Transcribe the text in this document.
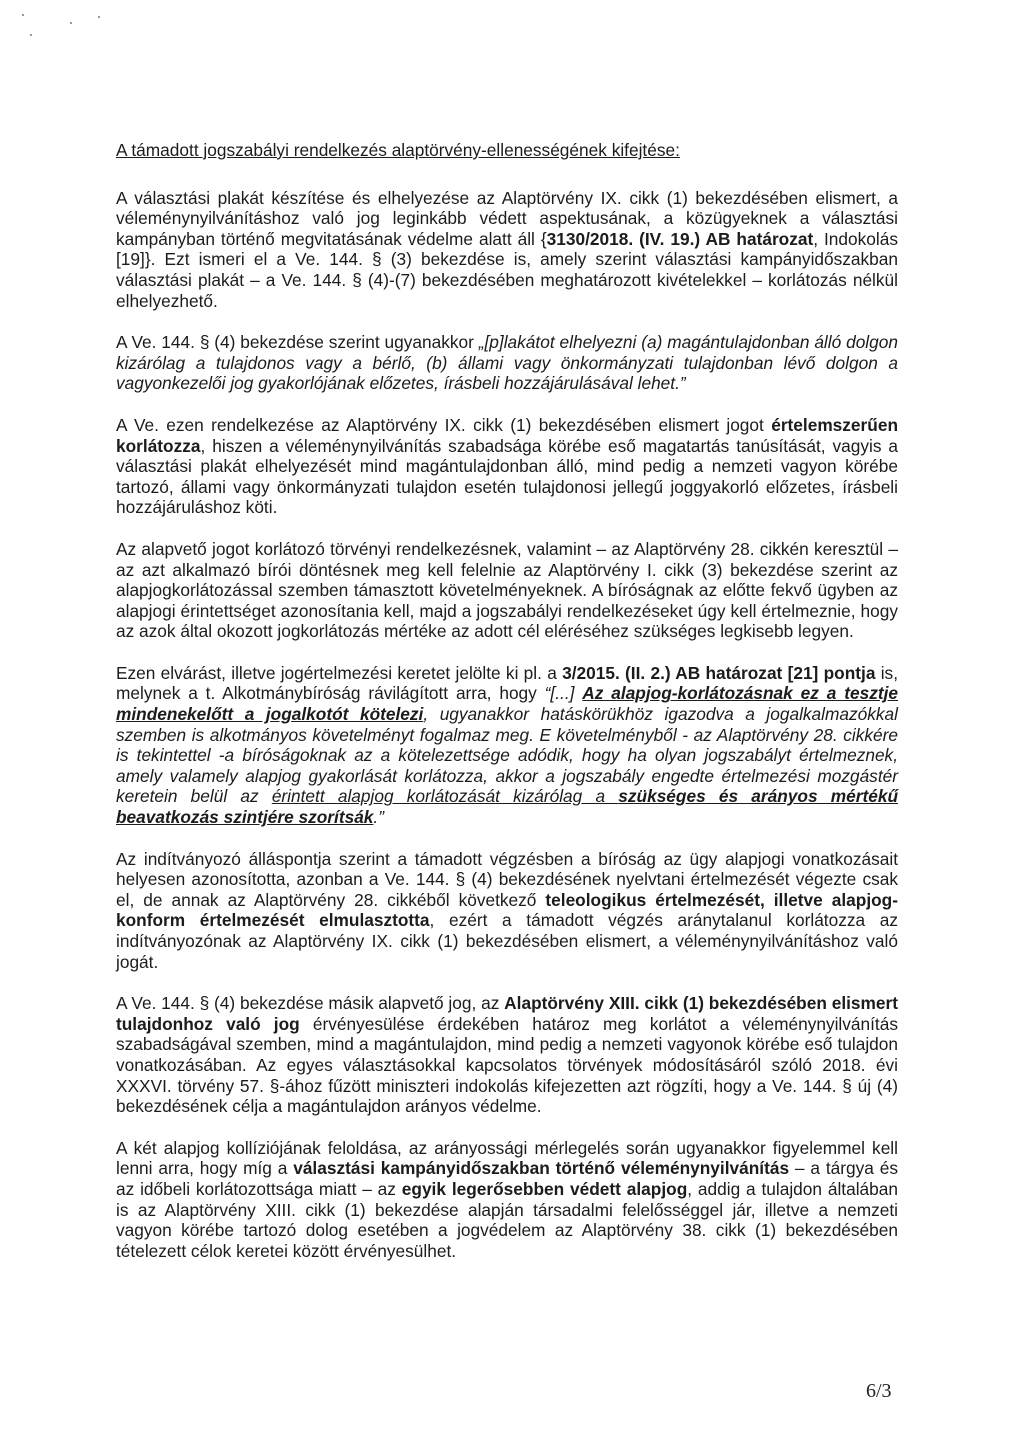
A támadott jogszabályi rendelkezés alaptörvény-ellenességének kifejtése:

A választási plakát készítése és elhelyezése az Alaptörvény IX. cikk (1) bekezdésében elismert, a véleménynyilvánításhoz való jog leginkább védett aspektusának, a közügyeknek a választási kampányban történő megvitatásának védelme alatt áll {3130/2018. (IV. 19.) AB határozat, Indokolás [19]}. Ezt ismeri el a Ve. 144. § (3) bekezdése is, amely szerint választási kampányidőszakban választási plakát – a Ve. 144. § (4)-(7) bekezdésében meghatározott kivételekkel – korlátozás nélkül elhelyezhető.

A Ve. 144. § (4) bekezdése szerint ugyanakkor „[p]lakátot elhelyezni (a) magántulajdonban álló dolgon kizárólag a tulajdonos vagy a bérlő, (b) állami vagy önkormányzati tulajdonban lévő dolgon a vagyonkezelői jog gyakorlójának előzetes, írásbeli hozzájárulásával lehet.”

A Ve. ezen rendelkezése az Alaptörvény IX. cikk (1) bekezdésében elismert jogot értelemszerűen korlátozza, hiszen a véleménynyilvánítás szabadsága körébe eső magatartás tanúsítását, vagyis a választási plakát elhelyezését mind magántulajdonban álló, mind pedig a nemzeti vagyon körébe tartozó, állami vagy önkormányzati tulajdon esetén tulajdonosi jellegű joggyakorló előzetes, írásbeli hozzájáruláshoz köti.

Az alapvető jogot korlátozó törvényi rendelkezésnek, valamint – az Alaptörvény 28. cikkén keresztül – az azt alkalmazó bírói döntésnek meg kell felelnie az Alaptörvény I. cikk (3) bekezdése szerint az alapjogkorlátozással szemben támasztott követelményeknek. A bíróságnak az előtte fekvő ügyben az alapjogi érintettséget azonosítania kell, majd a jogszabályi rendelkezéseket úgy kell értelmeznie, hogy az azok által okozott jogkorlátozás mértéke az adott cél eléréséhez szükséges legkisebb legyen.

Ezen elvárást, illetve jogértelmezési keretet jelölte ki pl. a 3/2015. (II. 2.) AB határozat [21] pontja is, melynek a t. Alkotmánybíróság rávilágított arra, hogy “[...] Az alapjog-korlátozásnak ez a tesztje mindenekelőtt a jogalkotót kötelezi, ugyanakkor hatáskörükhöz igazodva a jogalkalmazókkal szemben is alkotmányos követelményt fogalmaz meg. E követelményből - az Alaptörvény 28. cikkére is tekintettel -a bíróságoknak az a kötelezettsége adódik, hogy ha olyan jogszabályt értelmeznek, amely valamely alapjog gyakorlását korlátozza, akkor a jogszabály engedte értelmezési mozgástér keretein belül az érintett alapjog korlátozását kizárólag a szükséges és arányos mértékű beavatkozás szintjére szorítsák.”

Az indítványozó álláspontja szerint a támadott végzésben a bíróság az ügy alapjogi vonatkozásait helyesen azonosította, azonban a Ve. 144. § (4) bekezdésének nyelvtani értelmezését végezte csak el, de annak az Alaptörvény 28. cikkéből következő teleologikus értelmezését, illetve alapjog-konform értelmezését elmulasztotta, ezért a támadott végzés aránytalanul korlátozza az indítványozónak az Alaptörvény IX. cikk (1) bekezdésében elismert, a véleménynyilvánításhoz való jogát.

A Ve. 144. § (4) bekezdése másik alapvető jog, az Alaptörvény XIII. cikk (1) bekezdésében elismert tulajdonhoz való jog érvényesülése érdekében határoz meg korlátot a véleménynyilvánítás szabadságával szemben, mind a magántulajdon, mind pedig a nemzeti vagyonok körébe eső tulajdon vonatkozásában. Az egyes választásokkal kapcsolatos törvények módosításáról szóló 2018. évi XXXVI. törvény 57. §-ához fűzött miniszteri indokolás kifejezetten azt rögzíti, hogy a Ve. 144. § új (4) bekezdésének célja a magántulajdon arányos védelme.

A két alapjog kollíziójának feloldása, az arányossági mérlegelés során ugyanakkor figyelemmel kell lenni arra, hogy míg a választási kampányidőszakban történő véleménynyilvánítás – a tárgya és az időbeli korlátozottsága miatt – az egyik legerősebben védett alapjog, addig a tulajdon általában is az Alaptörvény XIII. cikk (1) bekezdése alapján társadalmi felelősséggel jár, illetve a nemzeti vagyon körébe tartozó dolog esetében a jogvédelem az Alaptörvény 38. cikk (1) bekezdésében tételezett célok keretei között érvényesülhet.

6/3
